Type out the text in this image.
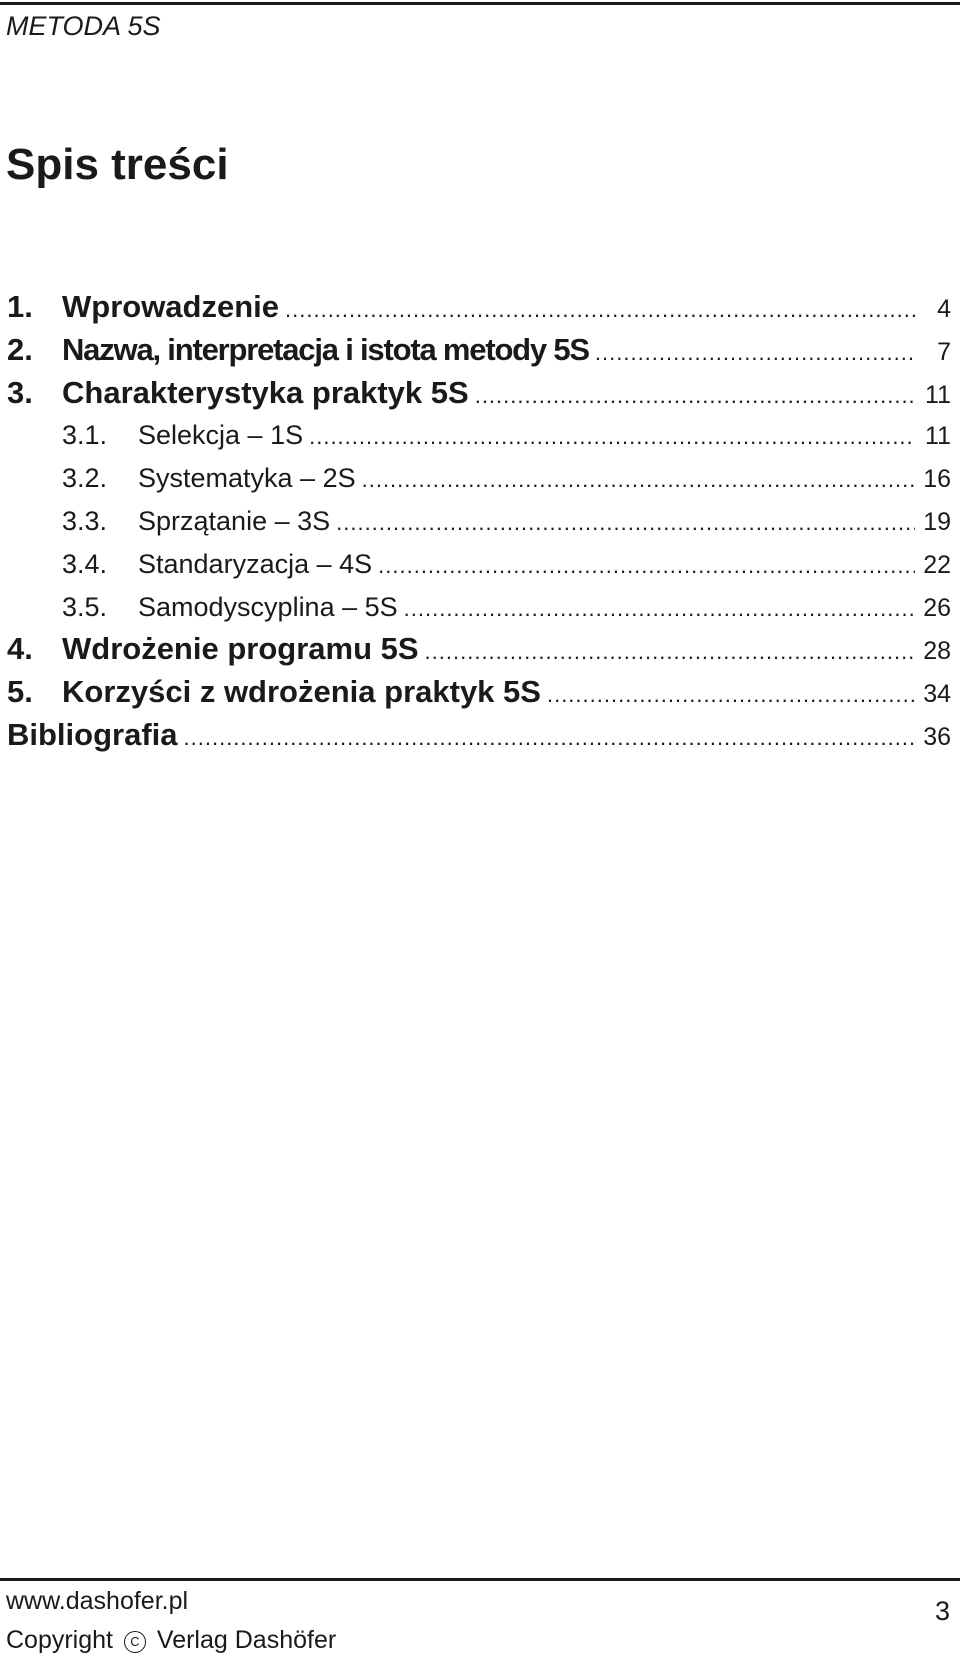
METODA 5S
Spis treści
1. Wprowadzenie .....	4
2. Nazwa, interpretacja i istota metody 5S .....	7
3. Charakterystyka praktyk 5S .....	11
3.1.	Selekcja – 1S .....	11
3.2.	Systematyka – 2S .....	16
3.3.	Sprzątanie – 3S .....	19
3.4.	Standaryzacja – 4S .....	22
3.5.	Samodyscyplina – 5S .....	26
4. Wdrożenie programu 5S .....	28
5. Korzyści z wdrożenia praktyk 5S .....	34
Bibliografia .....	36
www.dashofer.pl	3
Copyright C Verlag Dashöfer
